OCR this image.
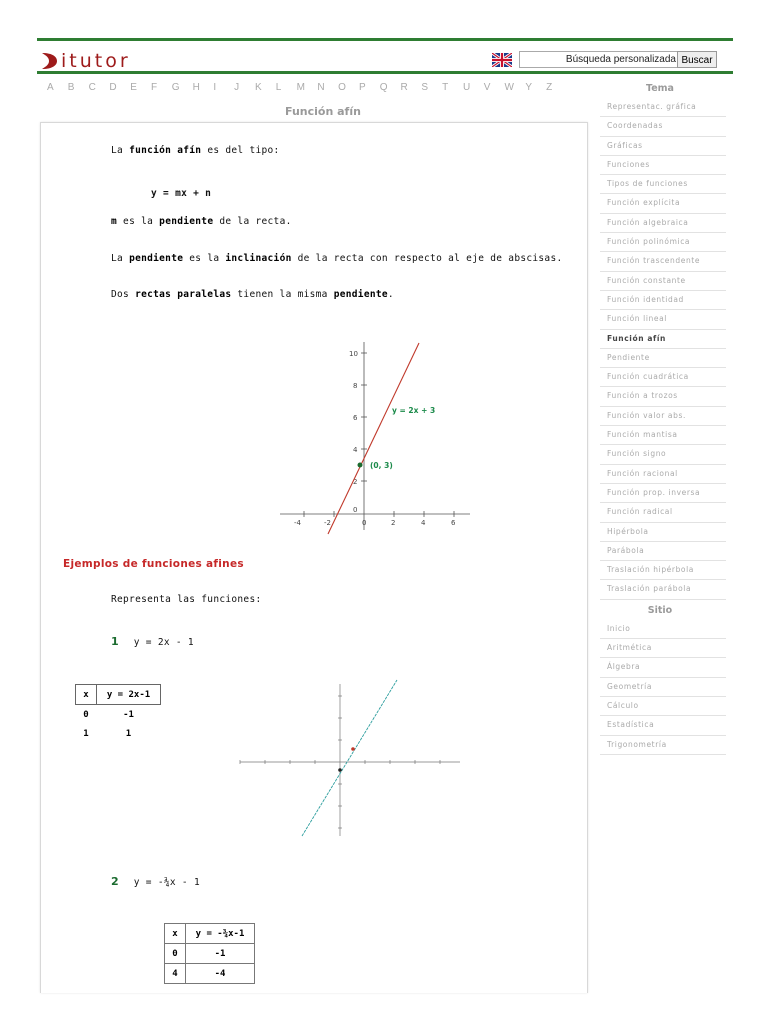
itutor	Búsqueda personalizada Buscar
A	B	C	D	E	F	G	H	I	J	K	L	M	N	O	P	Q	R	S	T	U	V	W	Y	Z
Función afín
La función afín es del tipo:
y = mx + n
m es la pendiente de la recta.
La pendiente es la inclinación de la recta con respecto al eje de abscisas.
Dos rectas paralelas tienen la misma pendiente.
10
8
6
4
2
0
-4	-2	0	2	4	6
y = 2x + 3
(0, 3)
Ejemplos de funciones afines
Representa las funciones:
1 y = 2x - 1
x	y = 2x-1
0	-1
1	1
2 y = -¾x - 1
x	y = -¾x-1
0	-1
4	-4
Tema
Representac. gráfica
Coordenadas
Gráficas
Funciones
Tipos de funciones
Función explícita
Función algebraica
Función polinómica
Función trascendente
Función constante
Función identidad
Función lineal
Función afín
Pendiente
Función cuadrática
Función a trozos
Función valor abs.
Función mantisa
Función signo
Función racional
Función prop. inversa
Función radical
Hipérbola
Parábola
Traslación hipérbola
Traslación parábola
Sitio
Inicio
Aritmética
Álgebra
Geometría
Cálculo
Estadística
Trigonometría
